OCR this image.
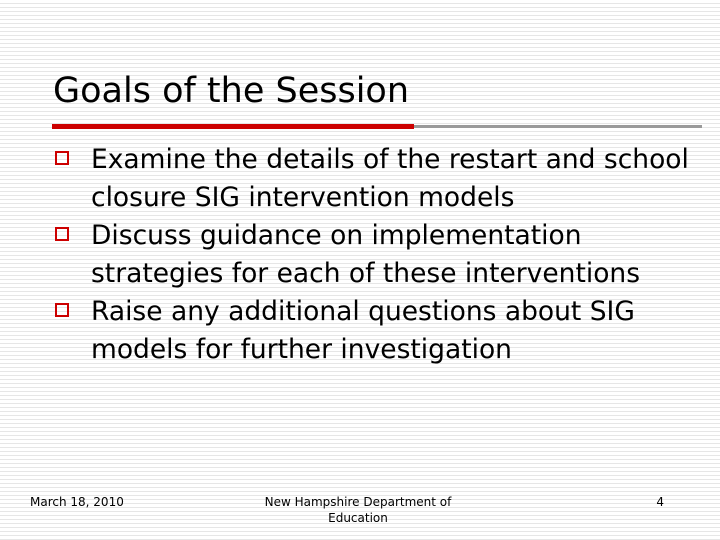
Goals of the Session
Examine the details of the restart and school closure SIG intervention models
Discuss guidance on implementation strategies for each of these interventions
Raise any additional questions about SIG models for further investigation
March 18, 2010	New Hampshire Department of Education
4
